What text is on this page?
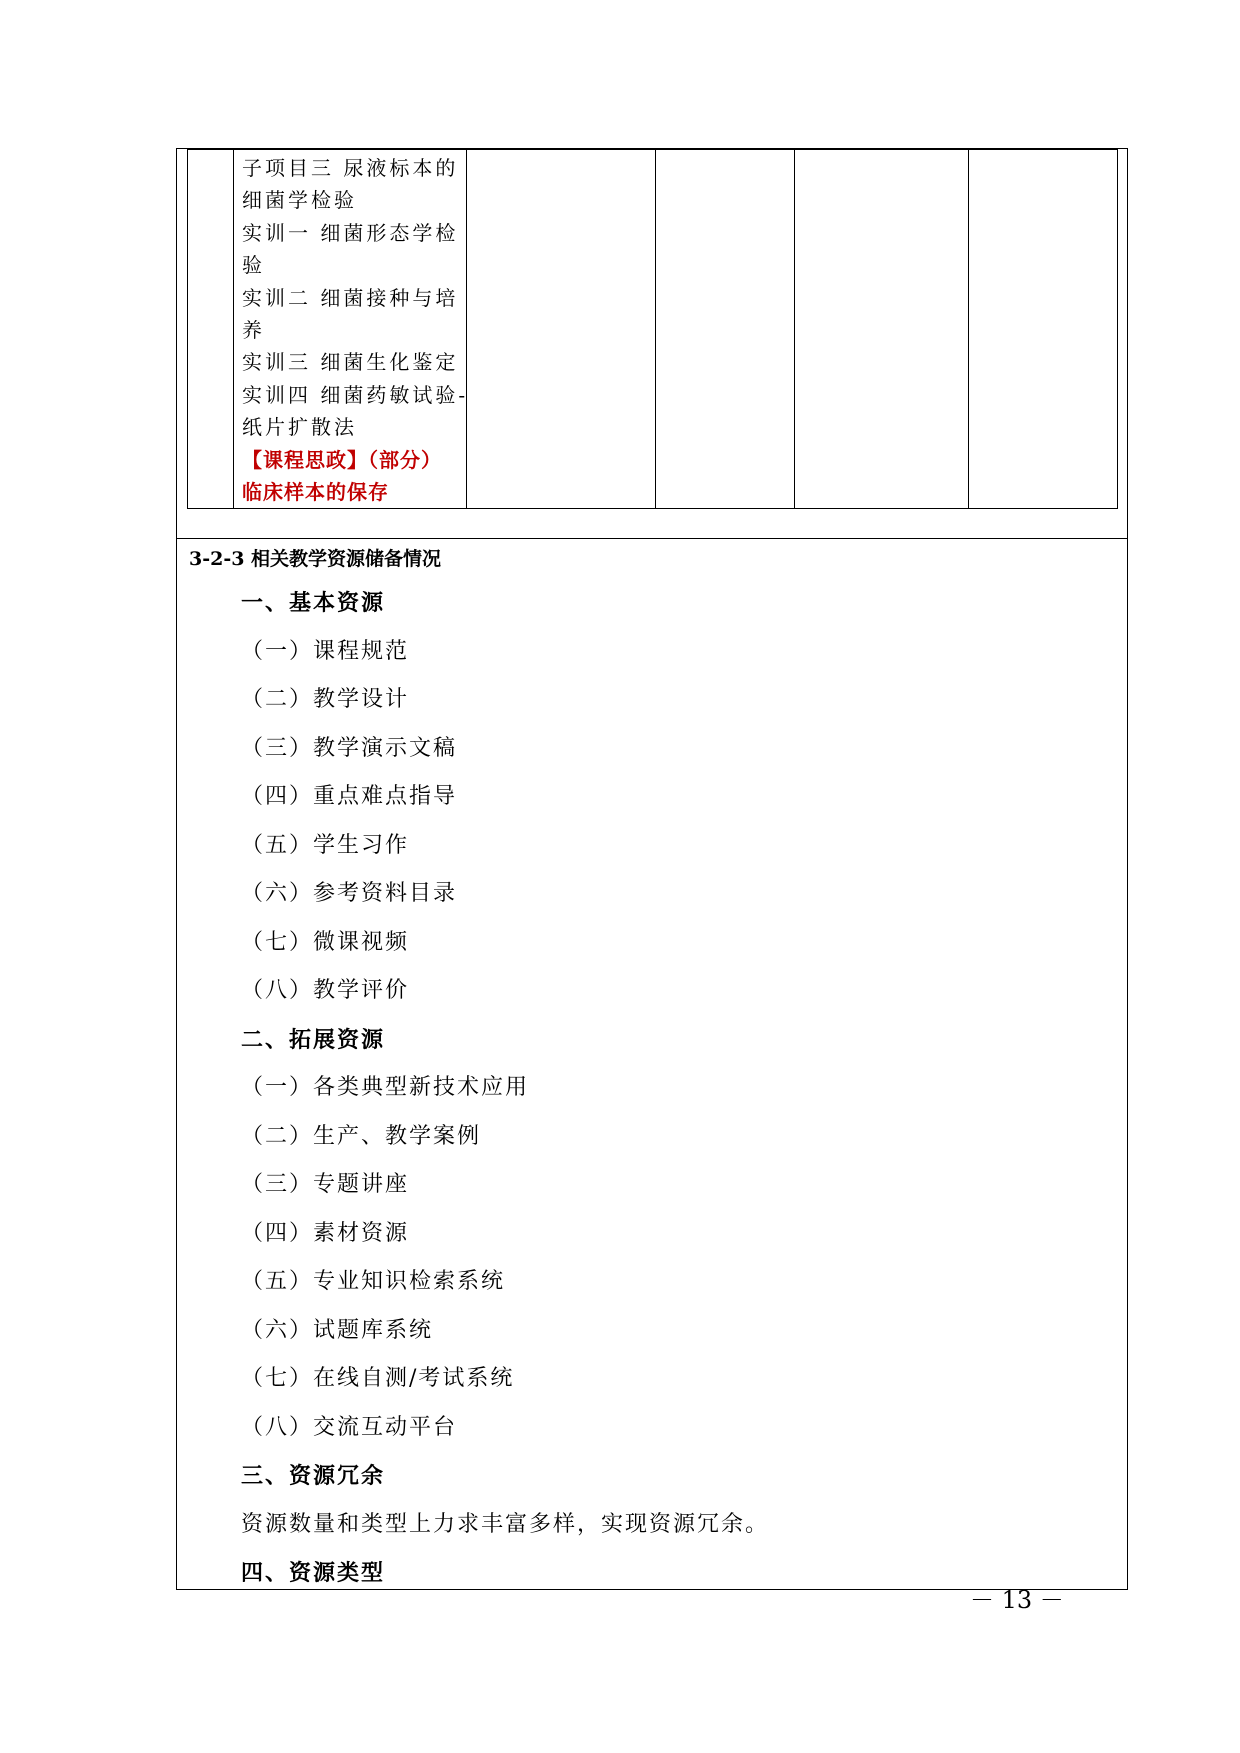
子项目三 尿液标本的
细菌学检验
实训一 细菌形态学检
验
实训二 细菌接种与培
养
实训三 细菌生化鉴定
实训四 细菌药敏试验-
纸片扩散法
【课程思政】（部分）
临床样本的保存

3-2-3 相关教学资源储备情况
一、基本资源
（一）课程规范
（二）教学设计
（三）教学演示文稿
（四）重点难点指导
（五）学生习作
（六）参考资料目录
（七）微课视频
（八）教学评价
二、拓展资源
（一）各类典型新技术应用
（二）生产、教学案例
（三）专题讲座
（四）素材资源
（五）专业知识检索系统
（六）试题库系统
（七）在线自测/考试系统
（八）交流互动平台
三、资源冗余
资源数量和类型上力求丰富多样，实现资源冗余。
四、资源类型
－ 13 －
